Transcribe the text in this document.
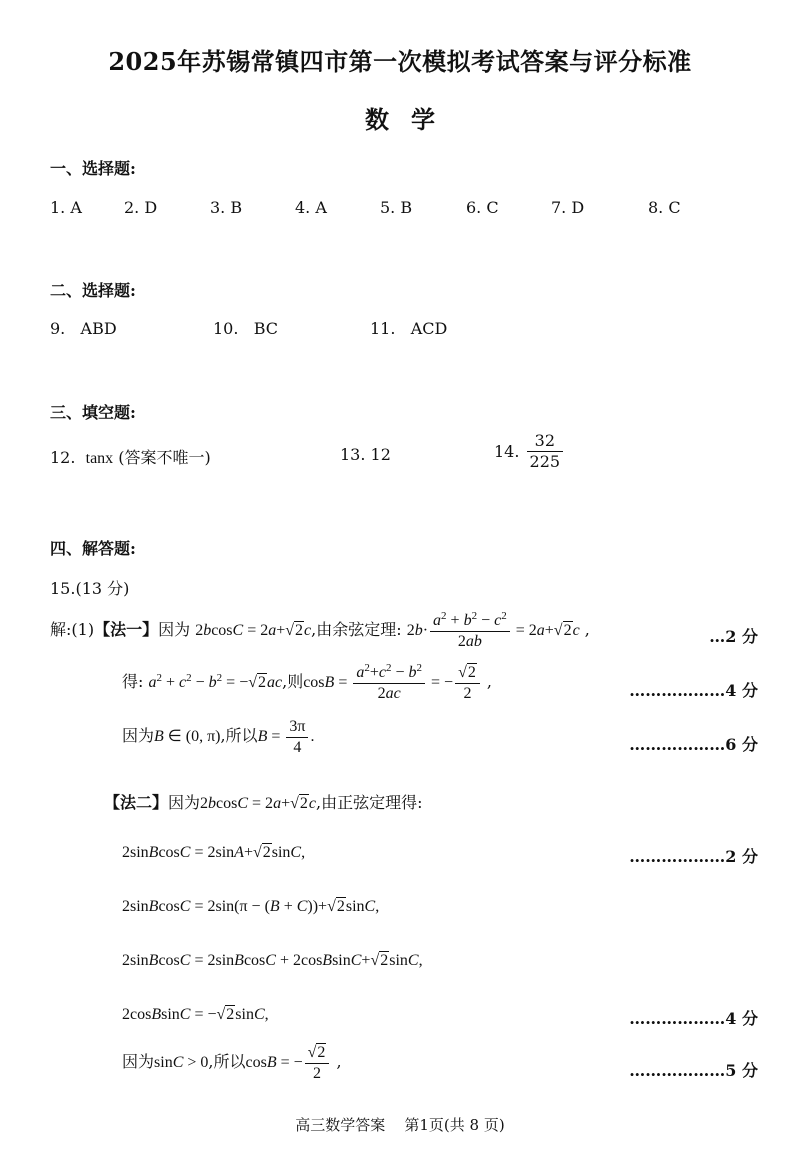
2025年苏锡常镇四市第一次模拟考试答案与评分标准
数学
一、选择题:
1. A	2. D	3. B	4. A	5. B	6. C	7. D	8. C
二、选择题:
9.   ABD	10.   BC	11.   ACD
三、填空题:
12. tanx (答案不唯一)	13. 12	14. $\frac{32}{225}$
四、解答题:
15.(13 分)
解:(1)【法一】因为 2bcosC = 2a+√2c,由余弦定理: $2b\cdot \frac{a^2 + b^2 - c^2}{2ab} = 2a+√2c$ ,	…2 分
得: $a^2 + c^2 - b^2 = -√2ac$,则$\cos B = \frac{a^2+c^2 - b^2}{2ac}$ = − $\frac{√2}{2}$ ,	………………4 分
因为B ∈ (0, π),所以$B = \frac{3\pi}{4}$ .	………………6 分
【法二】因为2bcosC = 2a+√2c,由正弦定理得:
2sinBcosC = 2sinA+√2sinC,	………………2 分
2sinBcosC = 2sin(π − (B + C))+√2sinC,
2sinBcosC = 2sinBcosC + 2cosBsinC+√2sinC,
2cosBsinC = −√2sinC,	………………4 分
因为sinC > 0,所以cosB = − $\frac{√2}{2}$ ,	………………5 分
高三数学答案    第1页(共 8 页)
